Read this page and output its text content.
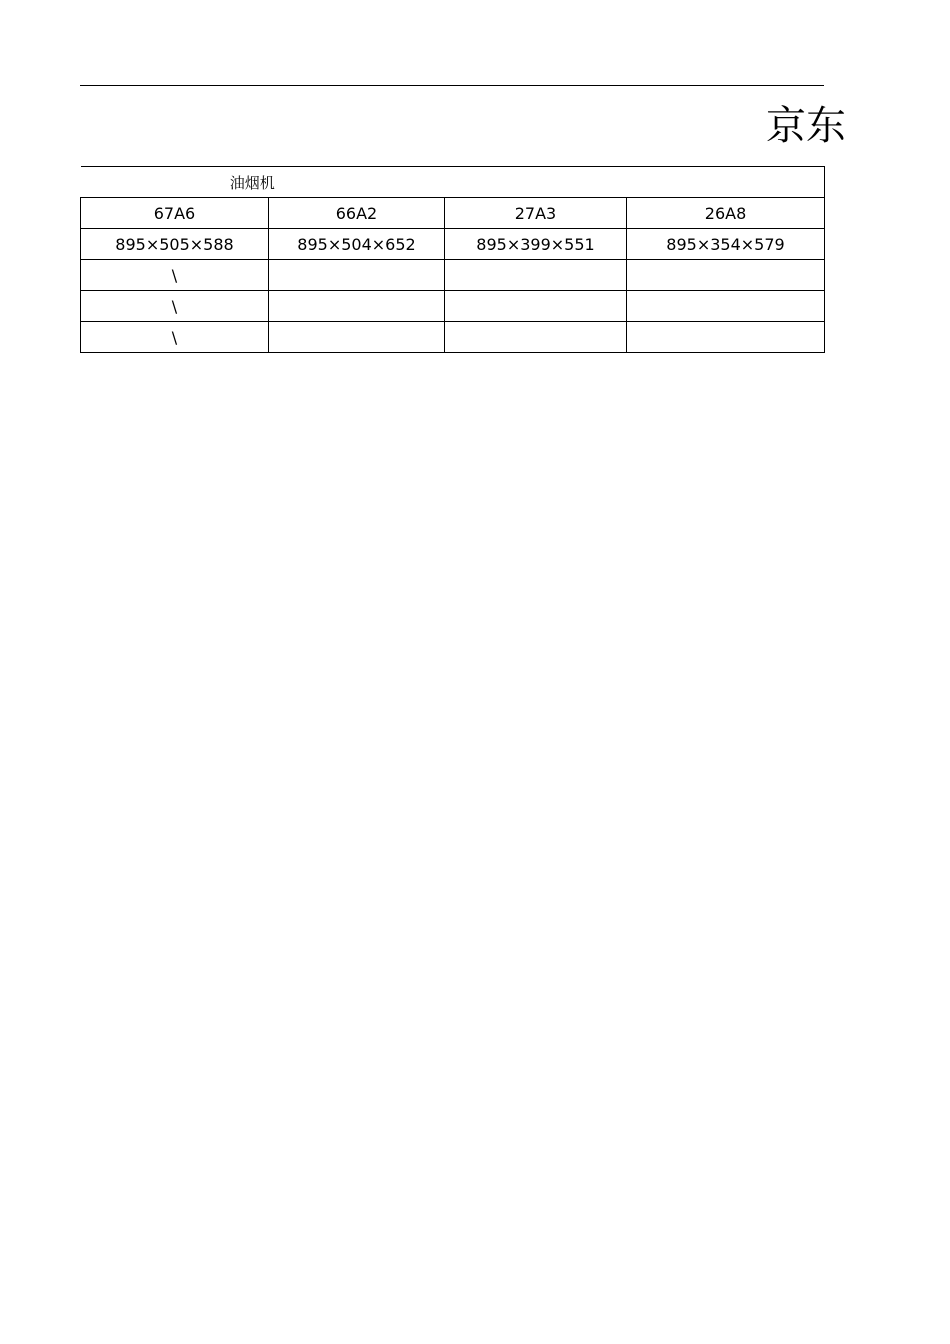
京东
油烟机			
67A6	66A2	27A3	26A8
895×505×588	895×504×652	895×399×551	895×354×579
\			
\			
\			
